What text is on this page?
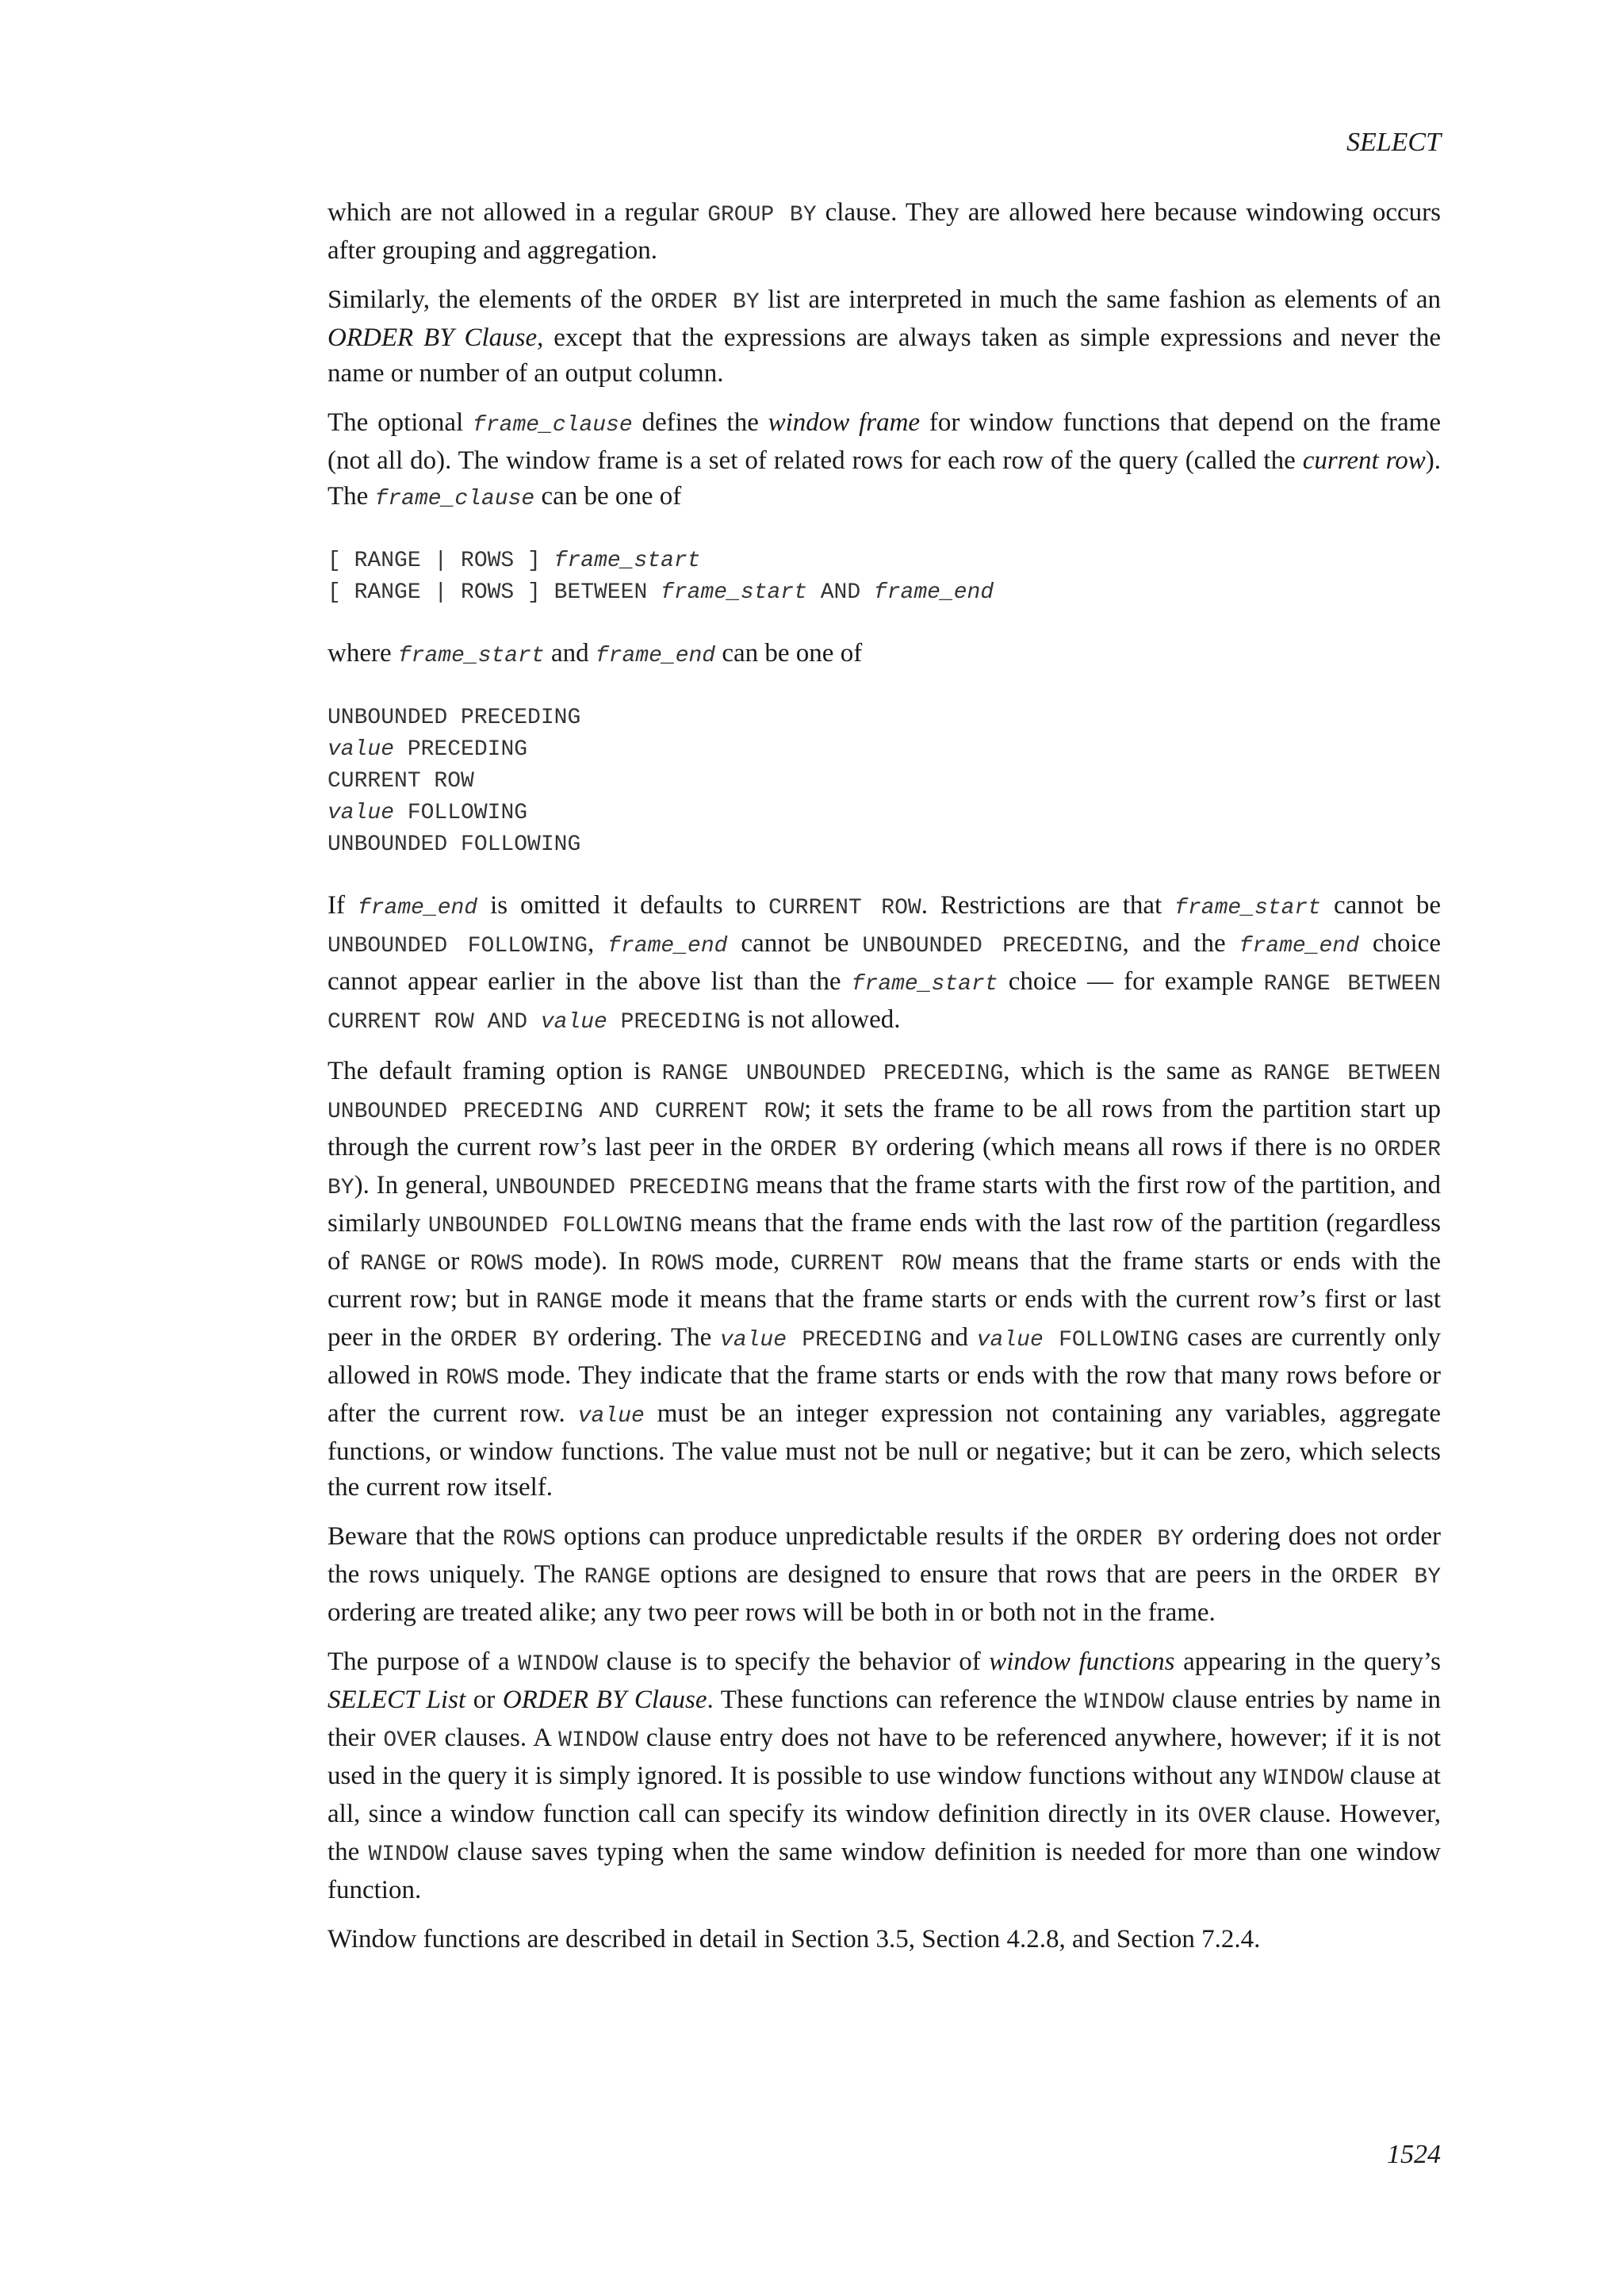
SELECT

which are not allowed in a regular GROUP BY clause. They are allowed here because windowing occurs after grouping and aggregation.

Similarly, the elements of the ORDER BY list are interpreted in much the same fashion as elements of an ORDER BY Clause, except that the expressions are always taken as simple expressions and never the name or number of an output column.

The optional frame_clause defines the window frame for window functions that depend on the frame (not all do). The window frame is a set of related rows for each row of the query (called the current row). The frame_clause can be one of

[ RANGE | ROWS ] frame_start
[ RANGE | ROWS ] BETWEEN frame_start AND frame_end

where frame_start and frame_end can be one of

UNBOUNDED PRECEDING
value PRECEDING
CURRENT ROW
value FOLLOWING
UNBOUNDED FOLLOWING

If frame_end is omitted it defaults to CURRENT ROW. Restrictions are that frame_start cannot be UNBOUNDED FOLLOWING, frame_end cannot be UNBOUNDED PRECEDING, and the frame_end choice cannot appear earlier in the above list than the frame_start choice — for example RANGE BETWEEN CURRENT ROW AND value PRECEDING is not allowed.

The default framing option is RANGE UNBOUNDED PRECEDING, which is the same as RANGE BETWEEN UNBOUNDED PRECEDING AND CURRENT ROW; it sets the frame to be all rows from the partition start up through the current row’s last peer in the ORDER BY ordering (which means all rows if there is no ORDER BY). In general, UNBOUNDED PRECEDING means that the frame starts with the first row of the partition, and similarly UNBOUNDED FOLLOWING means that the frame ends with the last row of the partition (regardless of RANGE or ROWS mode). In ROWS mode, CURRENT ROW means that the frame starts or ends with the current row; but in RANGE mode it means that the frame starts or ends with the current row’s first or last peer in the ORDER BY ordering. The value PRECEDING and value FOLLOWING cases are currently only allowed in ROWS mode. They indicate that the frame starts or ends with the row that many rows before or after the current row. value must be an integer expression not containing any variables, aggregate functions, or window functions. The value must not be null or negative; but it can be zero, which selects the current row itself.

Beware that the ROWS options can produce unpredictable results if the ORDER BY ordering does not order the rows uniquely. The RANGE options are designed to ensure that rows that are peers in the ORDER BY ordering are treated alike; any two peer rows will be both in or both not in the frame.

The purpose of a WINDOW clause is to specify the behavior of window functions appearing in the query’s SELECT List or ORDER BY Clause. These functions can reference the WINDOW clause entries by name in their OVER clauses. A WINDOW clause entry does not have to be referenced anywhere, however; if it is not used in the query it is simply ignored. It is possible to use window functions without any WINDOW clause at all, since a window function call can specify its window definition directly in its OVER clause. However, the WINDOW clause saves typing when the same window definition is needed for more than one window function.

Window functions are described in detail in Section 3.5, Section 4.2.8, and Section 7.2.4.

1524
